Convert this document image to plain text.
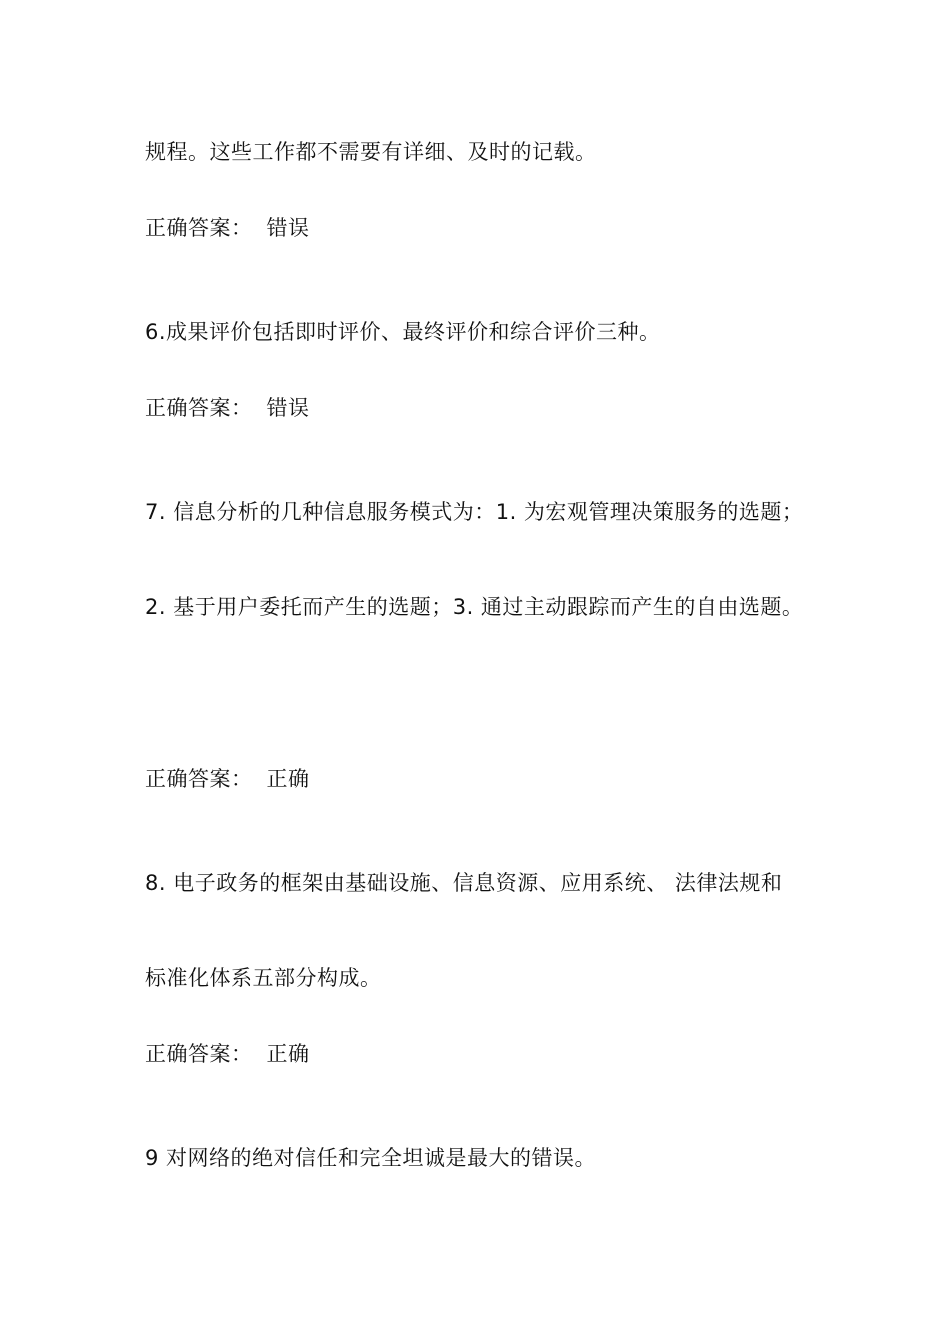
规程。这些工作都不需要有详细、及时的记载。
正确答案： 错误
6.成果评价包括即时评价、最终评价和综合评价三种。
正确答案： 错误
7. 信息分析的几种信息服务模式为：1. 为宏观管理决策服务的选题；
2. 基于用户委托而产生的选题；3. 通过主动跟踪而产生的自由选题。
正确答案： 正确
8. 电子政务的框架由基础设施、信息资源、应用系统、 法律法规和
标准化体系五部分构成。
正确答案： 正确
9 对网络的绝对信任和完全坦诚是最大的错误。
